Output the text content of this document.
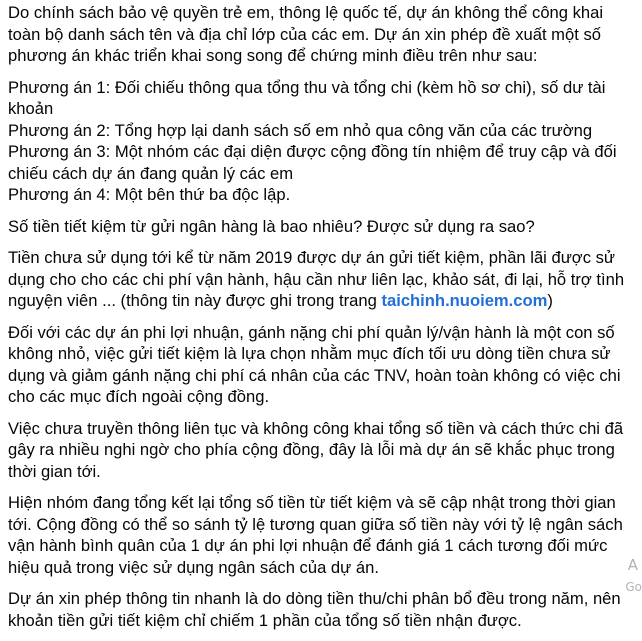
Do chính sách bảo vệ quyền trẻ em, thông lệ quốc tế, dự án không thể công khai
toàn bộ danh sách tên và địa chỉ lớp của các em. Dự án xin phép đề xuất một số
phương án khác triển khai song song để chứng minh điều trên như sau:
Phương án 1: Đối chiếu thông qua tổng thu và tổng chi (kèm hồ sơ chi), số dư tài
khoản
Phương án 2: Tổng hợp lại danh sách số em nhỏ qua công văn của các trường
Phương án 3: Một nhóm các đại diện được cộng đồng tín nhiệm để truy cập và đối
chiếu cách dự án đang quản lý các em
Phương án 4: Một bên thứ ba độc lập.
Số tiền tiết kiệm từ gửi ngân hàng là bao nhiêu? Được sử dụng ra sao?
Tiền chưa sử dụng tới kể từ năm 2019 được dự án gửi tiết kiệm, phần lãi được sử
dụng cho cho các chi phí vận hành, hậu cần như liên lạc, khảo sát, đi lại, hỗ trợ tình
nguyện viên ... (thông tin này được ghi trong trang taichinh.nuoiem.com)
Đối với các dự án phi lợi nhuận, gánh nặng chi phí quản lý/vận hành là một con số
không nhỏ, việc gửi tiết kiệm là lựa chọn nhằm mục đích tối ưu dòng tiền chưa sử
dụng và giảm gánh nặng chi phí cá nhân của các TNV, hoàn toàn không có việc chi
cho các mục đích ngoài cộng đồng.
Việc chưa truyền thông liên tục và không công khai tổng số tiền và cách thức chi đã
gây ra nhiều nghi ngờ cho phía cộng đồng, đây là lỗi mà dự án sẽ khắc phục trong
thời gian tới.
Hiện nhóm đang tổng kết lại tổng số tiền từ tiết kiệm và sẽ cập nhật trong thời gian
tới. Cộng đồng có thể so sánh tỷ lệ tương quan giữa số tiền này với tỷ lệ ngân sách
vận hành bình quân của 1 dự án phi lợi nhuận để đánh giá 1 cách tương đối mức
hiệu quả trong việc sử dụng ngân sách của dự án.
Dự án xin phép thông tin nhanh là do dòng tiền thu/chi phân bổ đều trong năm, nên
khoản tiền gửi tiết kiệm chỉ chiếm 1 phần của tổng số tiền nhận được.
A
Go
